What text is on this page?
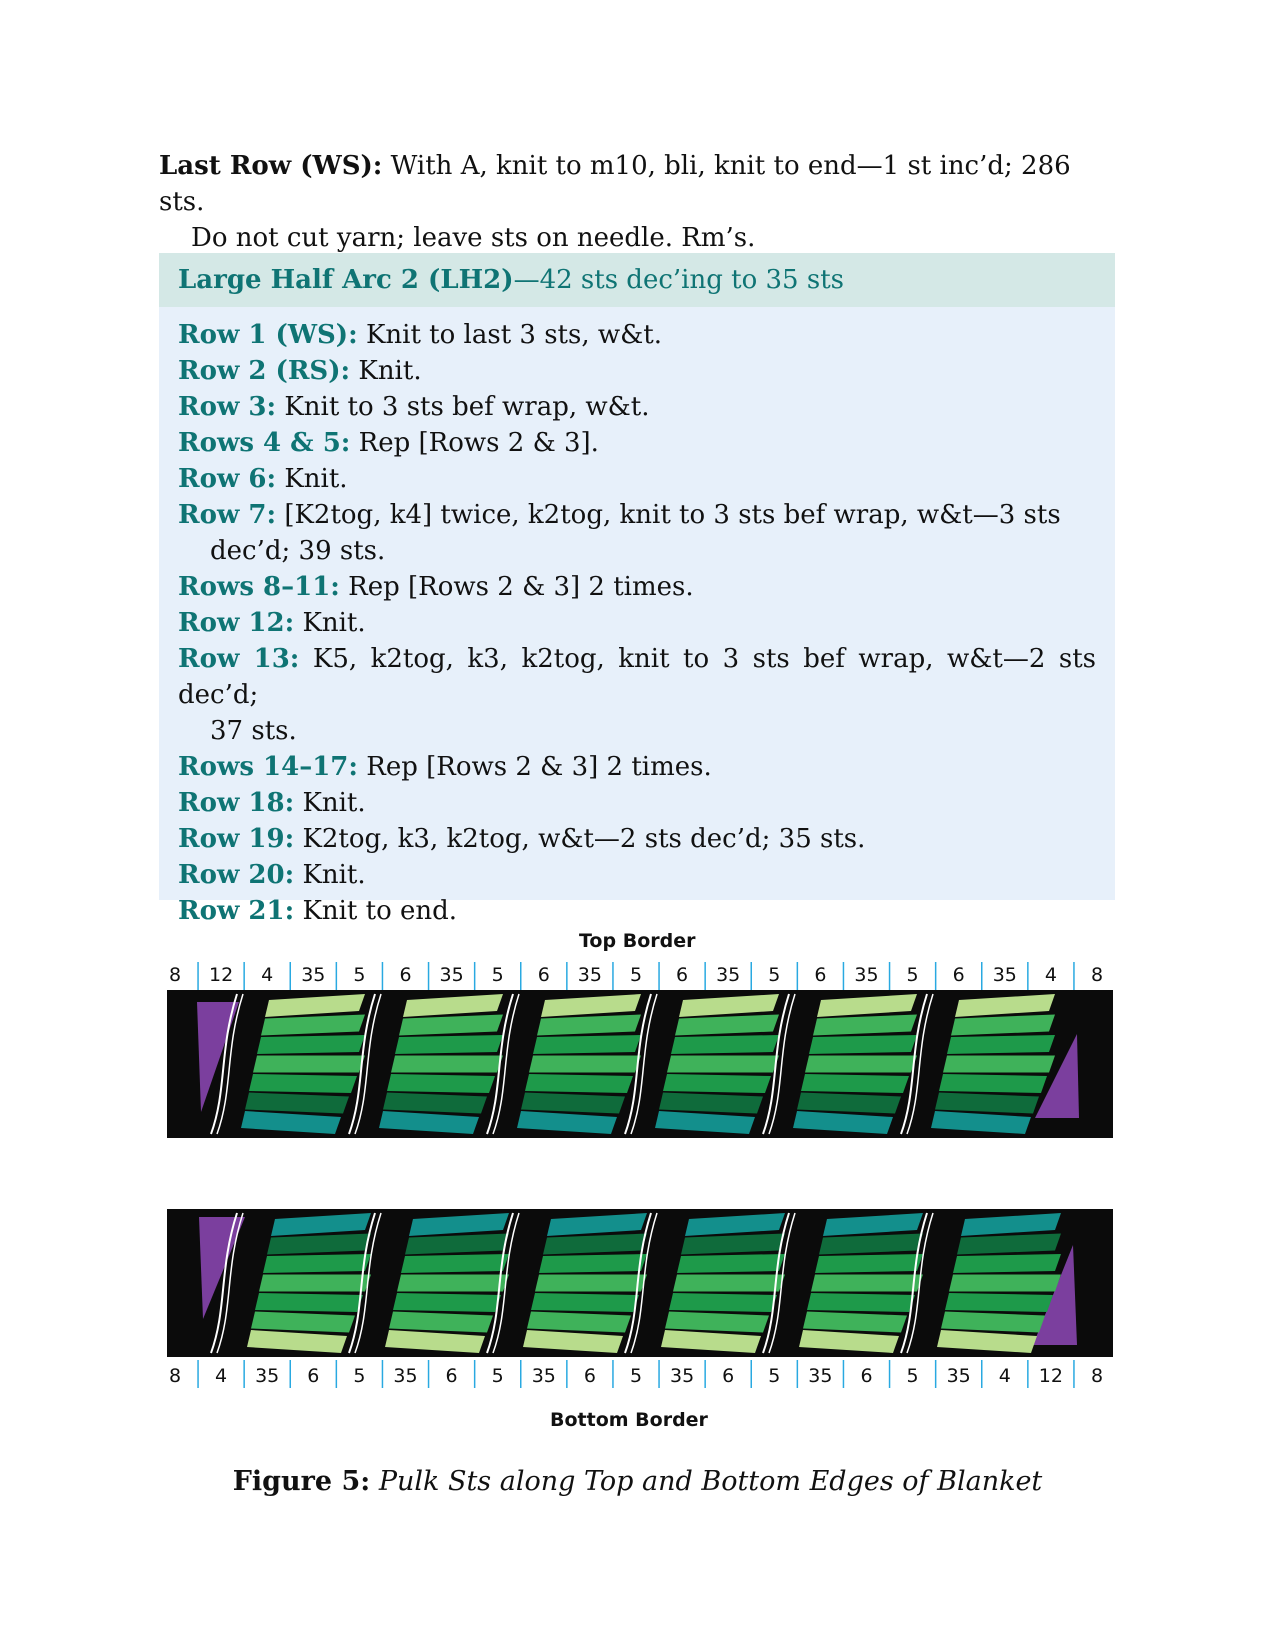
Last Row (WS): With A, knit to m10, bli, knit to end—1 st inc’d; 286 sts.
Do not cut yarn; leave sts on needle. Rm’s.
Large Half Arc 2 (LH2)—42 sts dec’ing to 35 sts
Row 1 (WS): Knit to last 3 sts, w&t.
Row 2 (RS): Knit.
Row 3: Knit to 3 sts bef wrap, w&t.
Rows 4 & 5: Rep [Rows 2 & 3].
Row 6: Knit.
Row 7: [K2tog, k4] twice, k2tog, knit to 3 sts bef wrap, w&t—3 sts
dec’d; 39 sts.
Rows 8–11: Rep [Rows 2 & 3] 2 times.
Row 12: Knit.
Row 13: K5, k2tog, k3, k2tog, knit to 3 sts bef wrap, w&t—2 sts dec’d;
37 sts.
Rows 14–17: Rep [Rows 2 & 3] 2 times.
Row 18: Knit.
Row 19: K2tog, k3, k2tog, w&t—2 sts dec’d; 35 sts.
Row 20: Knit.
Row 21: Knit to end.
8 12 4 35 5 6 35 5 6 35 5 6 35 5 6 35 5 6 35 4 8
8 4 35 6 5 35 6 5 35 6 5 35 6 5 35 6 5 35 4 12 8
Top Border
Bottom Border
Figure 5: Pulk Sts along Top and Bottom Edges of Blanket
